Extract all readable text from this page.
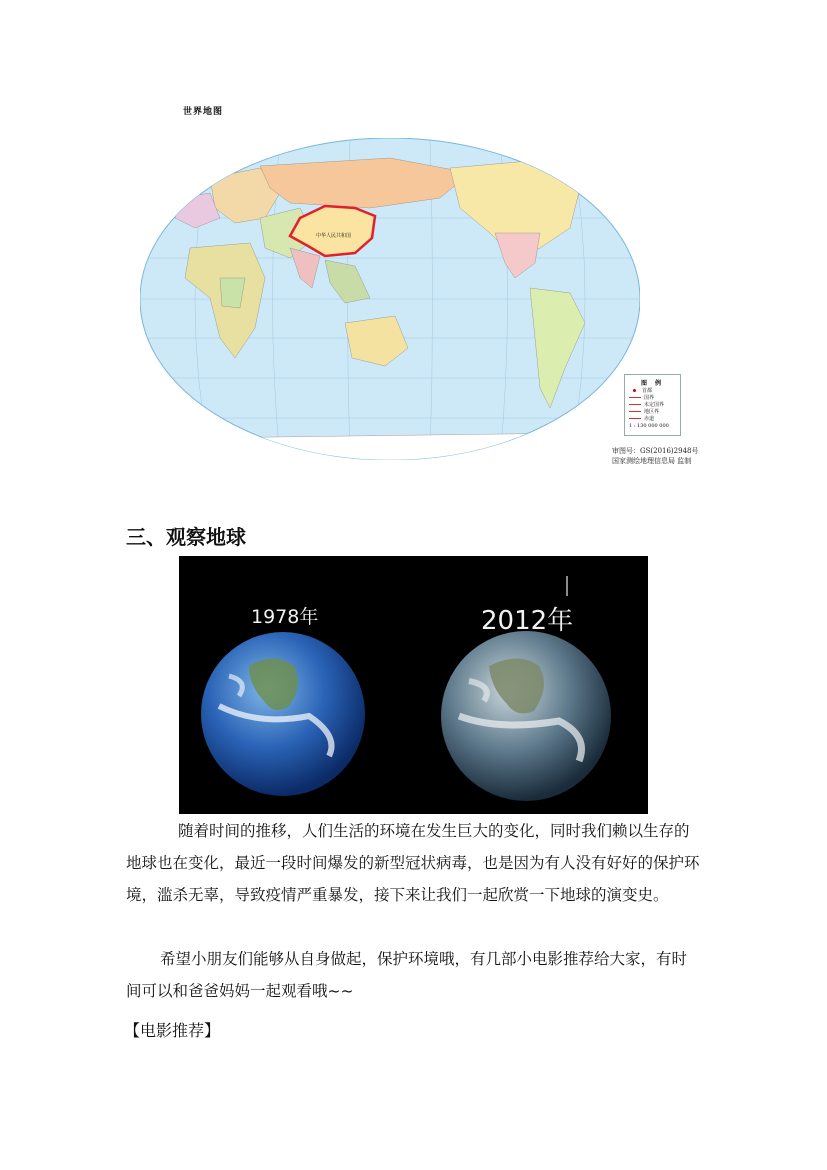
世界地图
中华人民共和国
图 例
首都
国界
未定国界
地区界
赤道
1 : 130 000 000
审图号：GS(2016)2948号
国家测绘地理信息局 监制
三、观察地球
1978年	2012年
随着时间的推移，人们生活的环境在发生巨大的变化，同时我们赖以生存的地球也在变化，最近一段时间爆发的新型冠状病毒，也是因为有人没有好好的保护环境，滥杀无辜，导致疫情严重暴发，接下来让我们一起欣赏一下地球的演变史。
希望小朋友们能够从自身做起，保护环境哦，有几部小电影推荐给大家，有时间可以和爸爸妈妈一起观看哦~~
【电影推荐】
